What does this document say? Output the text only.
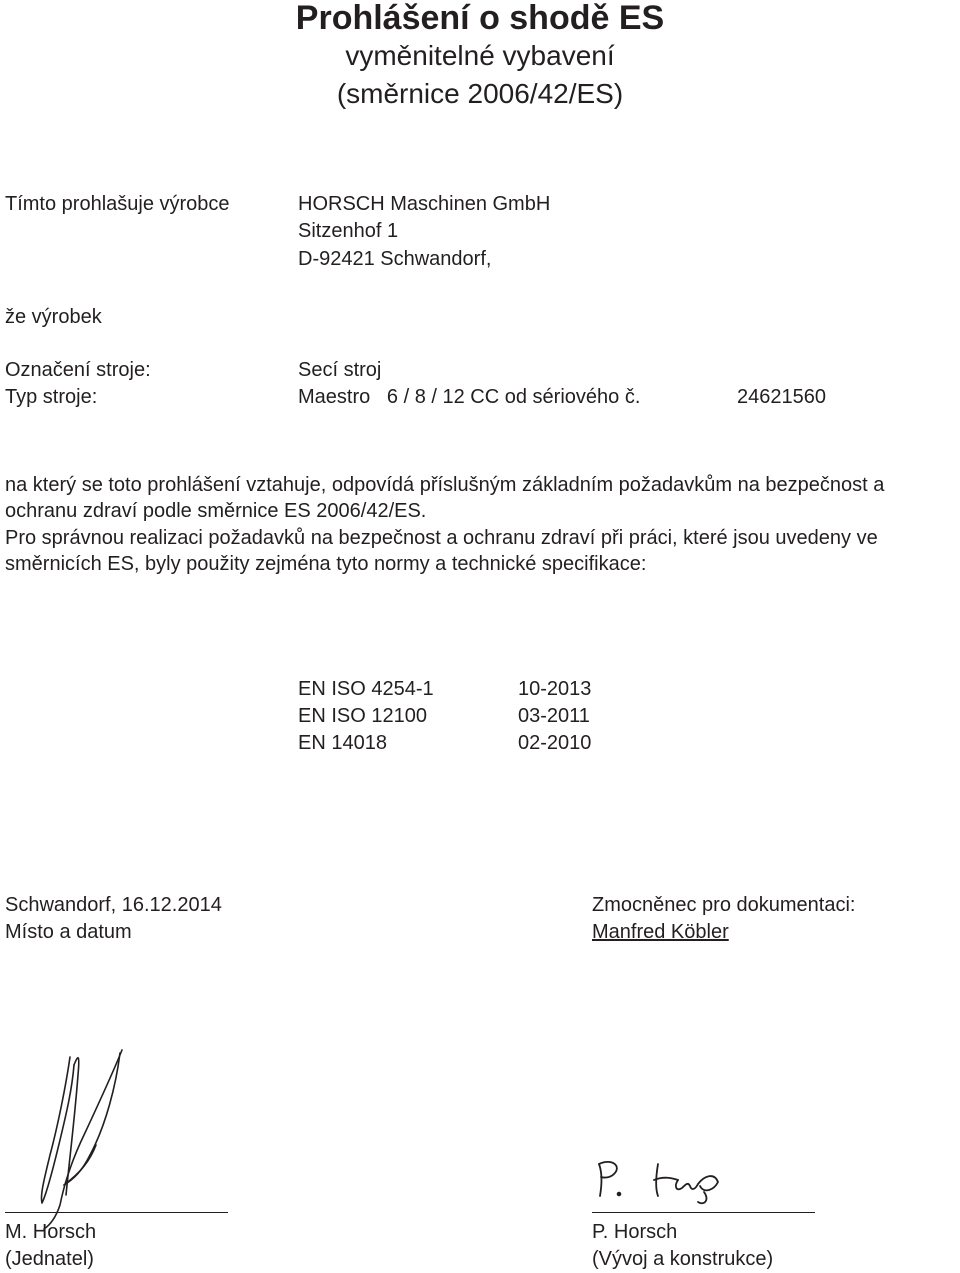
Prohlášení o shodě ES
vyměnitelné vybavení
(směrnice 2006/42/ES)
Tímto prohlašuje výrobce	HORSCH Maschinen GmbH
Sitzenhof 1
D-92421 Schwandorf,
že výrobek
Označení stroje:	Secí stroj
Typ stroje:	Maestro   6 / 8 / 12 CC od sériového č.	24621560
na který se toto prohlášení vztahuje, odpovídá příslušným základním požadavkům na bezpečnost a ochranu zdraví podle směrnice ES 2006/42/ES.
Pro správnou realizaci požadavků na bezpečnost a ochranu zdraví při práci, které jsou uvedeny ve směrnicích ES, byly použity zejména tyto normy a technické specifikace:
EN ISO 4254-1	10-2013
EN ISO 12100	03-2011
EN 14018	02-2010
Schwandorf, 16.12.2014
Místo a datum
Zmocněnec pro dokumentaci:
Manfred Köbler
M. Horsch
(Jednatel)
P. Horsch
(Vývoj a konstrukce)
